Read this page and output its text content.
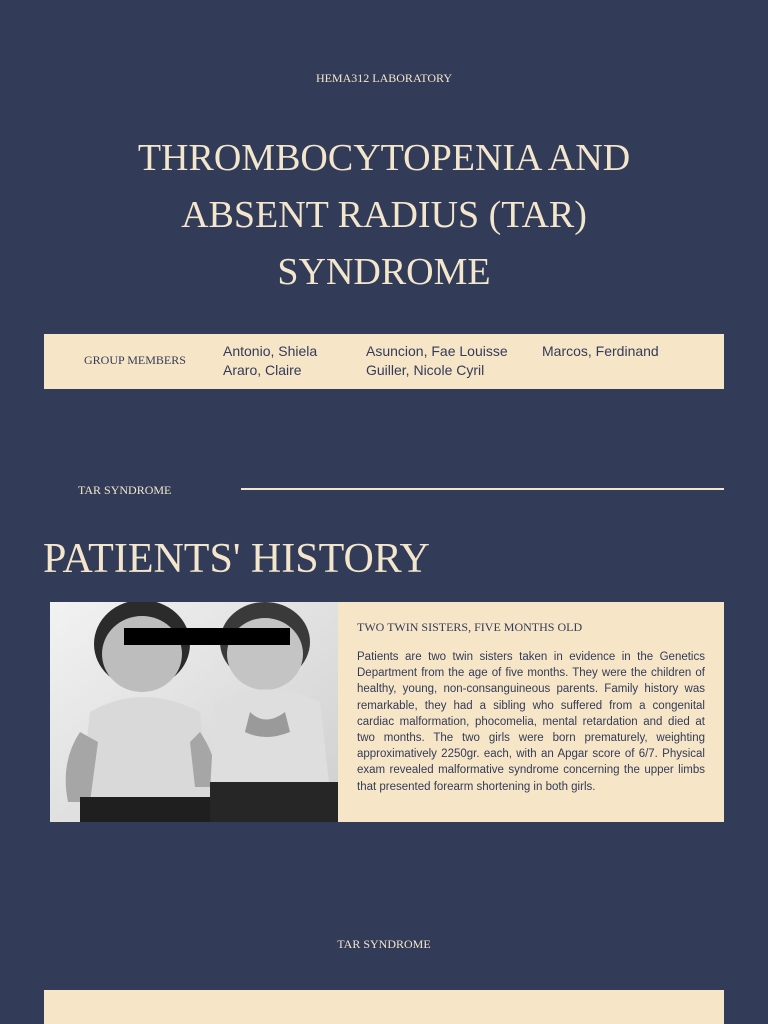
HEMA312 LABORATORY
THROMBOCYTOPENIA AND ABSENT RADIUS (TAR) SYNDROME
GROUP MEMBERS
Antonio, Shiela
Araro, Claire
Asuncion, Fae Louisse
Guiller, Nicole Cyril
Marcos, Ferdinand
TAR SYNDROME
PATIENTS' HISTORY
TWO TWIN SISTERS, FIVE MONTHS OLD

Patients are two twin sisters taken in evidence in the Genetics Department from the age of five months. They were the children of healthy, young, non-consanguineous parents. Family history was remarkable, they had a sibling who suffered from a congenital cardiac malformation, phocomelia, mental retardation and died at two months. The two girls were born prematurely, weighting approximatively 2250gr. each, with an Apgar score of 6/7. Physical exam revealed malformative syndrome concerning the upper limbs that presented forearm shortening in both girls.

TAR SYNDROME
